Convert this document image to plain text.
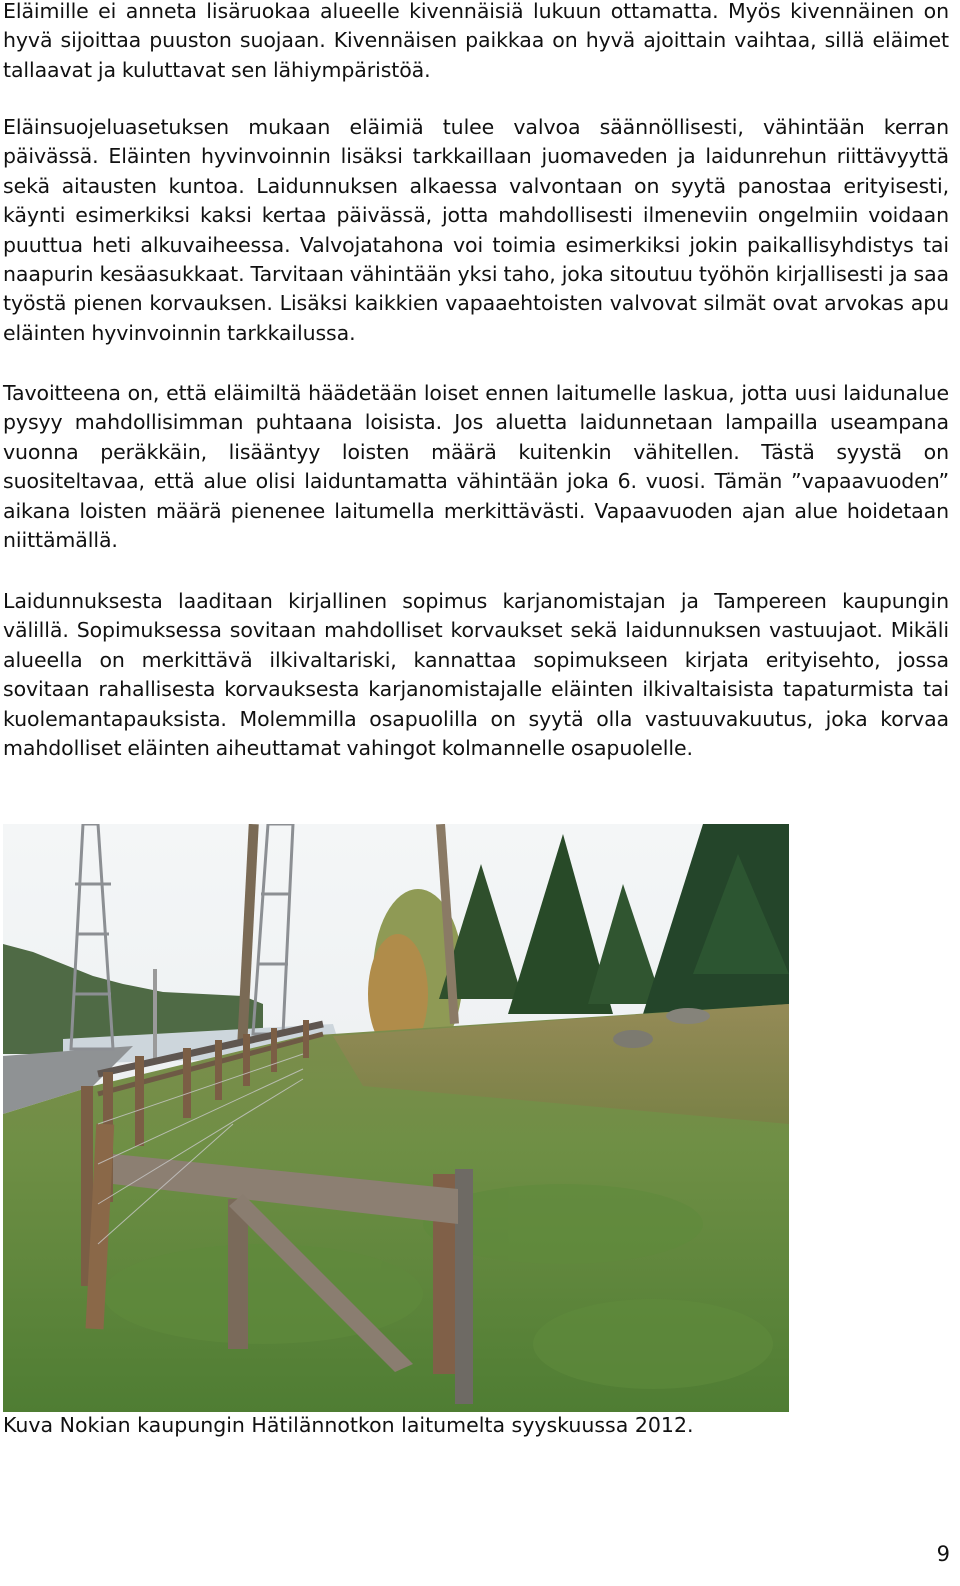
Eläimille ei anneta lisäruokaa alueelle kivennäisiä lukuun ottamatta. Myös kivennäinen on hyvä sijoittaa puuston suojaan. Kivennäisen paikkaa on hyvä ajoittain vaihtaa, sillä eläimet tallaavat ja kuluttavat sen lähiympäristöä.

Eläinsuojeluasetuksen mukaan eläimiä tulee valvoa säännöllisesti, vähintään kerran päivässä. Eläinten hyvinvoinnin lisäksi tarkkaillaan juomaveden ja laidunrehun riittävyyttä sekä aitausten kuntoa. Laidunnuksen alkaessa valvontaan on syytä panostaa erityisesti, käynti esimerkiksi kaksi kertaa päivässä, jotta mahdollisesti ilmeneviin ongelmiin voidaan puuttua heti alkuvaiheessa. Valvojatahona voi toimia esimerkiksi jokin paikallisyhdistys tai naapurin kesäasukkaat. Tarvitaan vähintään yksi taho, joka sitoutuu työhön kirjallisesti ja saa työstä pienen korvauksen. Lisäksi kaikkien vapaaehtoisten valvovat silmät ovat arvokas apu eläinten hyvinvoinnin tarkkailussa.

Tavoitteena on, että eläimiltä häädetään loiset ennen laitumelle laskua, jotta uusi laidunalue pysyy mahdollisimman puhtaana loisista. Jos aluetta laidunnetaan lampailla useampana vuonna peräkkäin, lisääntyy loisten määrä kuitenkin vähitellen. Tästä syystä on suositeltavaa, että alue olisi laiduntamatta vähintään joka 6. vuosi. Tämän ”vapaavuoden” aikana loisten määrä pienenee laitumella merkittävästi. Vapaavuoden ajan alue hoidetaan niittämällä.

Laidunnuksesta laaditaan kirjallinen sopimus karjanomistajan ja Tampereen kaupungin välillä. Sopimuksessa sovitaan mahdolliset korvaukset sekä laidunnuksen vastuujaot. Mikäli alueella on merkittävä ilkivaltariski, kannattaa sopimukseen kirjata erityisehto, jossa sovitaan rahallisesta korvauksesta karjanomistajalle eläinten ilkivaltaisista tapaturmista tai kuolemantapauksista. Molemmilla osapuolilla on syytä olla vastuuvakuutus, joka korvaa mahdolliset eläinten aiheuttamat vahingot kolmannelle osapuolelle.

Kuva Nokian kaupungin Hätilännotkon laitumelta syyskuussa 2012.

9
